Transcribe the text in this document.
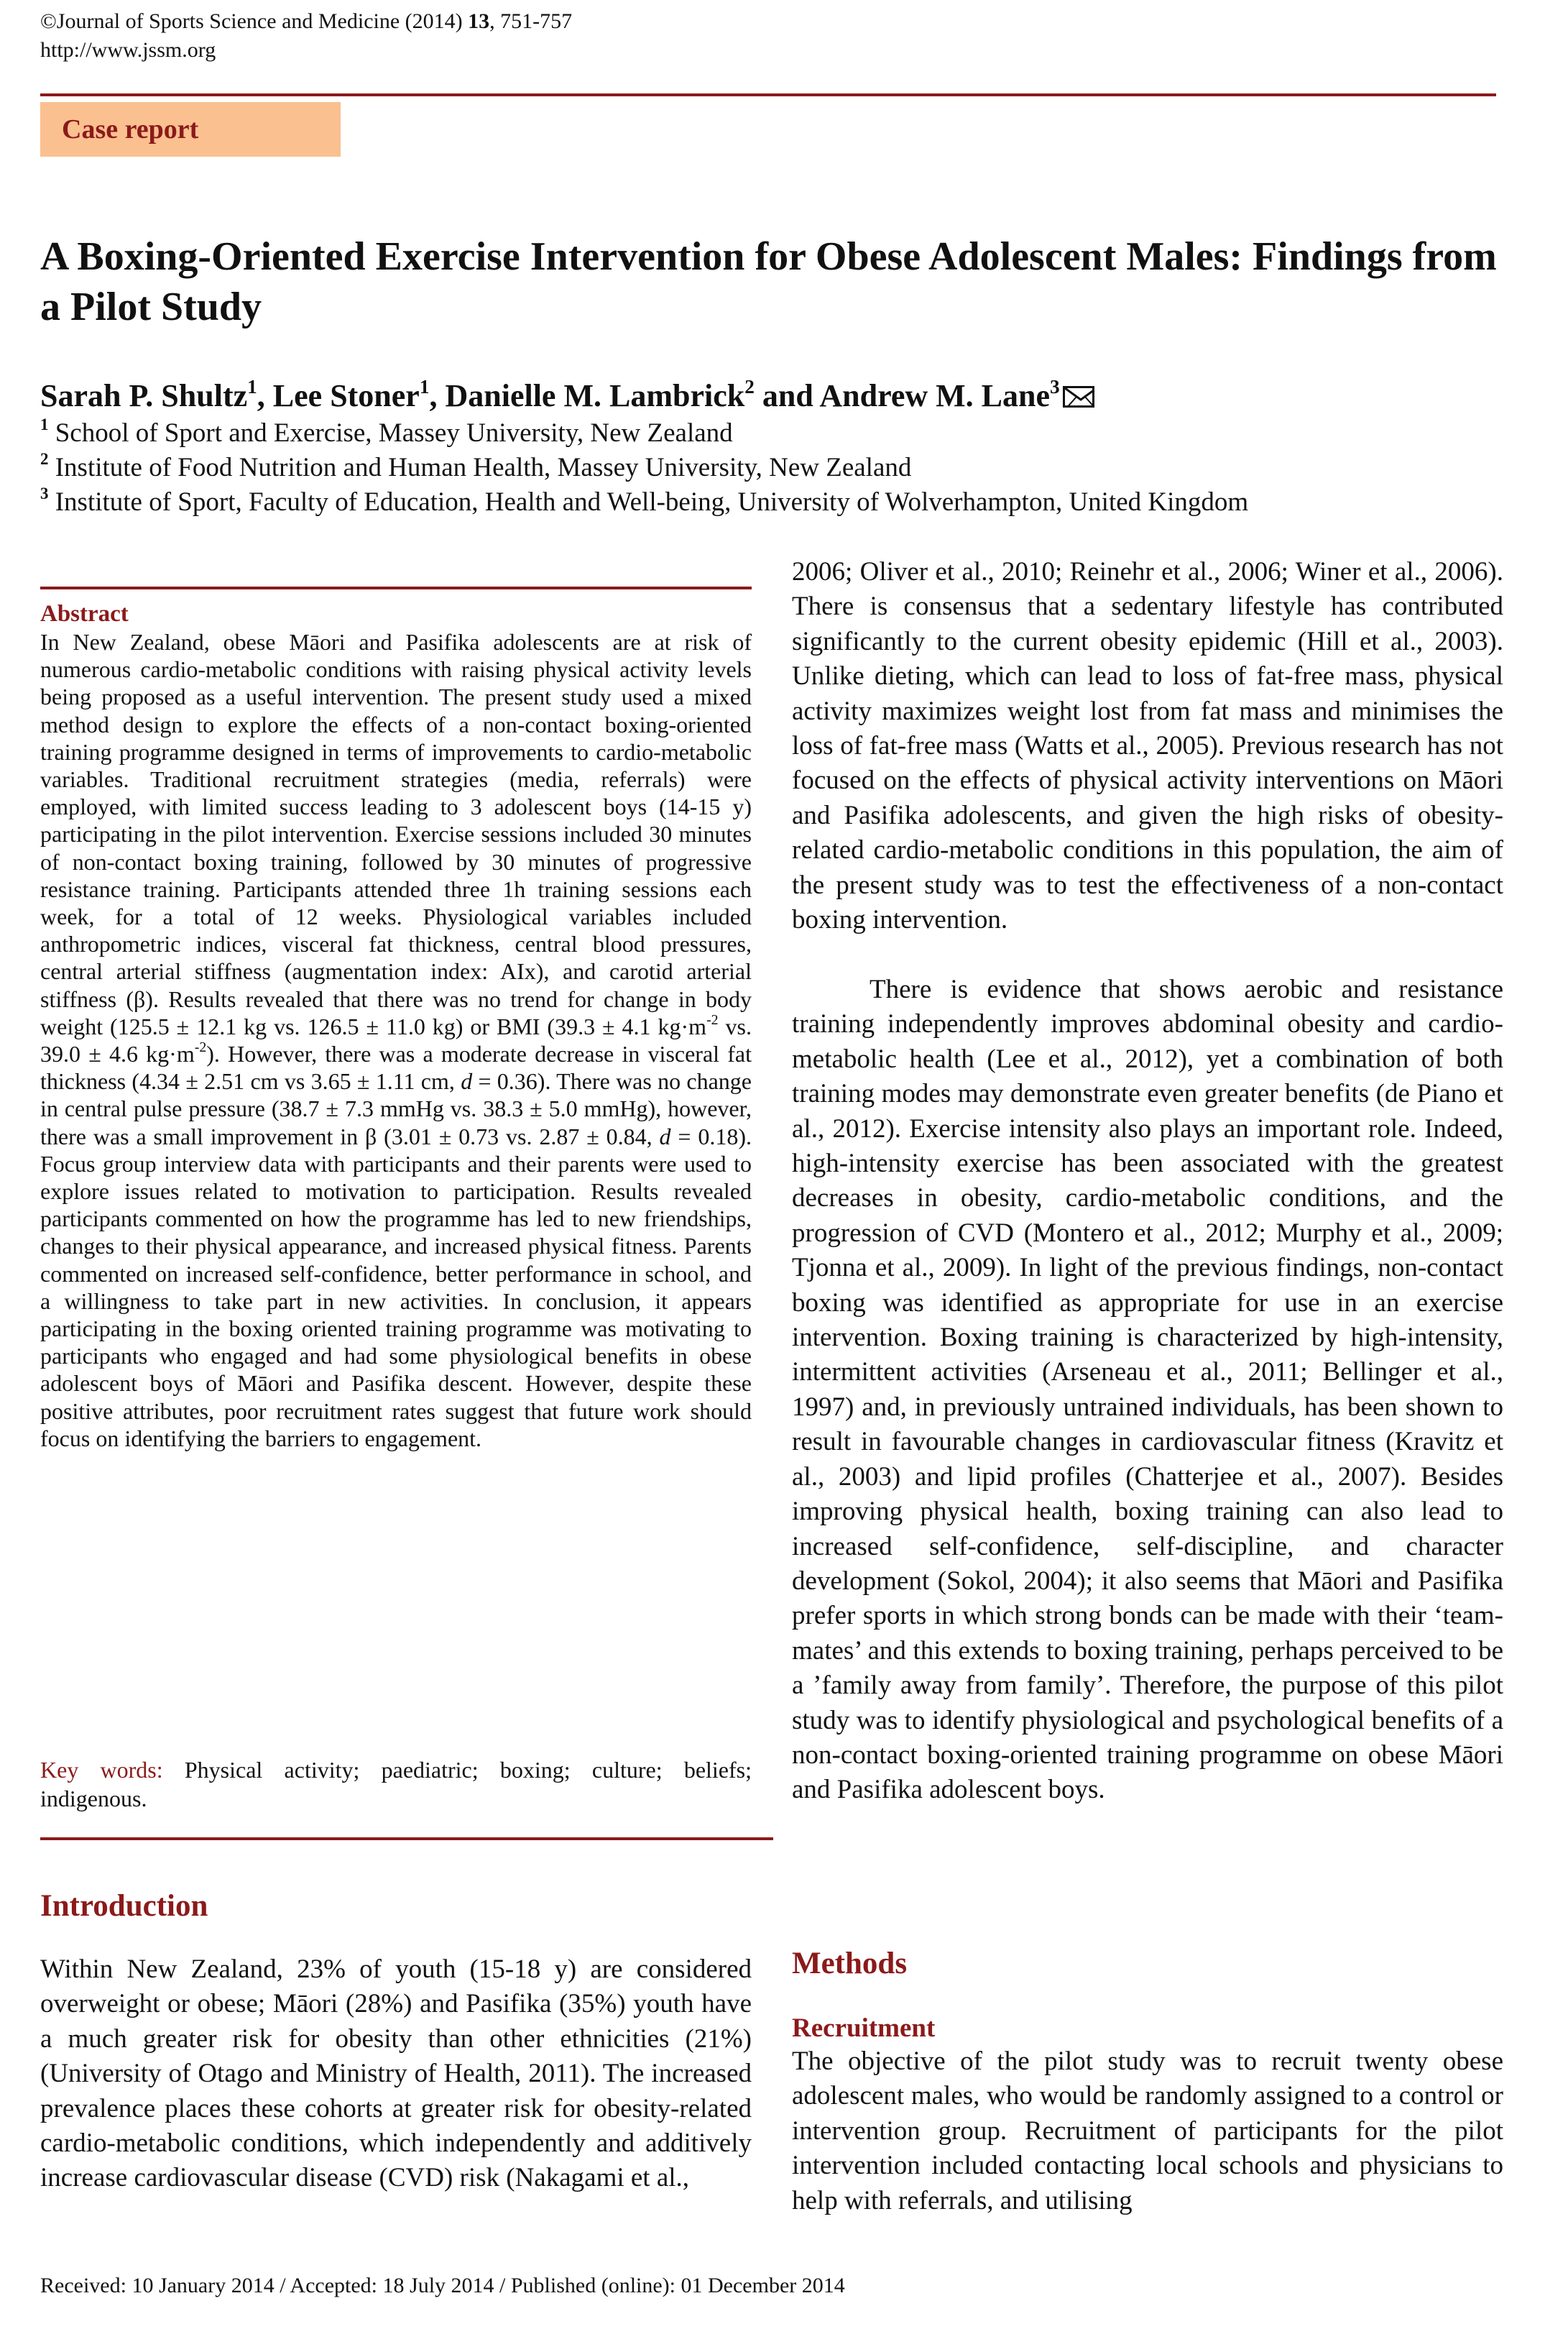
©Journal of Sports Science and Medicine (2014) 13, 751-757
http://www.jssm.org
Case report
A Boxing-Oriented Exercise Intervention for Obese Adolescent Males: Findings from a Pilot Study
Sarah P. Shultz$^1$, Lee Stoner$^1$, Danielle M. Lambrick$^2$ and Andrew M. Lane$^3$
$^1$ School of Sport and Exercise, Massey University, New Zealand
$^2$ Institute of Food Nutrition and Human Health, Massey University, New Zealand
$^3$ Institute of Sport, Faculty of Education, Health and Well-being, University of Wolverhampton, United Kingdom
Abstract

In New Zealand, obese Māori and Pasifika adolescents are at risk of numerous cardio-metabolic conditions with raising physical activity levels being proposed as a useful intervention. The present study used a mixed method design to explore the effects of a non-contact boxing-oriented training programme designed in terms of improvements to cardio-metabolic variables. Traditional recruitment strategies (media, referrals) were employed, with limited success leading to 3 adolescent boys (14-15 y) participating in the pilot intervention. Exercise sessions included 30 minutes of non-contact boxing training, followed by 30 minutes of progressive resistance training. Participants attended three 1h training sessions each week, for a total of 12 weeks. Physiological variables included anthropometric indices, visceral fat thickness, central blood pressures, central arterial stiffness (augmentation index: AIx), and carotid arterial stiffness (β). Results revealed that there was no trend for change in body weight (125.5 ± 12.1 kg vs. 126.5 ± 11.0 kg) or BMI (39.3 ± 4.1 $kg\cdot m^{-2}$ vs. 39.0 ± 4.6 $kg\cdot m^{-2}$). However, there was a moderate decrease in visceral fat thickness (4.34 ± 2.51 cm vs 3.65 ± 1.11 cm, d = 0.36). There was no change in central pulse pressure (38.7 ± 7.3 mmHg vs. 38.3 ± 5.0 mmHg), however, there was a small improvement in β (3.01 ± 0.73 vs. 2.87 ± 0.84, d = 0.18). Focus group interview data with participants and their parents were used to explore issues related to motivation to participation. Results revealed participants commented on how the programme has led to new friendships, changes to their physical appearance, and increased physical fitness. Parents commented on increased self-confidence, better performance in school, and a willingness to take part in new activities. In conclusion, it appears participating in the boxing oriented training programme was motivating to participants who engaged and had some physiological benefits in obese adolescent boys of Māori and Pasifika descent. However, despite these positive attributes, poor recruitment rates suggest that future work should focus on identifying the barriers to engagement.

Key words: Physical activity; paediatric; boxing; culture; beliefs; indigenous.
Introduction
Within New Zealand, 23% of youth (15-18 y) are considered overweight or obese; Māori (28%) and Pasifika (35%) youth have a much greater risk for obesity than other ethnicities (21%) (University of Otago and Ministry of Health, 2011). The increased prevalence places these cohorts at greater risk for obesity-related cardio-metabolic conditions, which independently and additively increase cardiovascular disease (CVD) risk (Nakagami et al.,
2006; Oliver et al., 2010; Reinehr et al., 2006; Winer et al., 2006). There is consensus that a sedentary lifestyle has contributed significantly to the current obesity epidemic (Hill et al., 2003). Unlike dieting, which can lead to loss of fat-free mass, physical activity maximizes weight lost from fat mass and minimises the loss of fat-free mass (Watts et al., 2005). Previous research has not focused on the effects of physical activity interventions on Māori and Pasifika adolescents, and given the high risks of obesity-related cardio-metabolic conditions in this population, the aim of the present study was to test the effectiveness of a non-contact boxing intervention.
There is evidence that shows aerobic and resistance training independently improves abdominal obesity and cardio-metabolic health (Lee et al., 2012), yet a combination of both training modes may demonstrate even greater benefits (de Piano et al., 2012). Exercise intensity also plays an important role. Indeed, high-intensity exercise has been associated with the greatest decreases in obesity, cardio-metabolic conditions, and the progression of CVD (Montero et al., 2012; Murphy et al., 2009; Tjonna et al., 2009). In light of the previous findings, non-contact boxing was identified as appropriate for use in an exercise intervention. Boxing training is characterized by high-intensity, intermittent activities (Arseneau et al., 2011; Bellinger et al., 1997) and, in previously untrained individuals, has been shown to result in favourable changes in cardiovascular fitness (Kravitz et al., 2003) and lipid profiles (Chatterjee et al., 2007). Besides improving physical health, boxing training can also lead to increased self-confidence, self-discipline, and character development (Sokol, 2004); it also seems that Māori and Pasifika prefer sports in which strong bonds can be made with their ‘team-mates’ and this extends to boxing training, perhaps perceived to be a ’family away from family’. Therefore, the purpose of this pilot study was to identify physiological and psychological benefits of a non-contact boxing-oriented training programme on obese Māori and Pasifika adolescent boys.
Methods
Recruitment
The objective of the pilot study was to recruit twenty obese adolescent males, who would be randomly assigned to a control or intervention group. Recruitment of participants for the pilot intervention included contacting local schools and physicians to help with referrals, and utilising
Received: 10 January 2014 / Accepted: 18 July 2014 / Published (online): 01 December 2014
